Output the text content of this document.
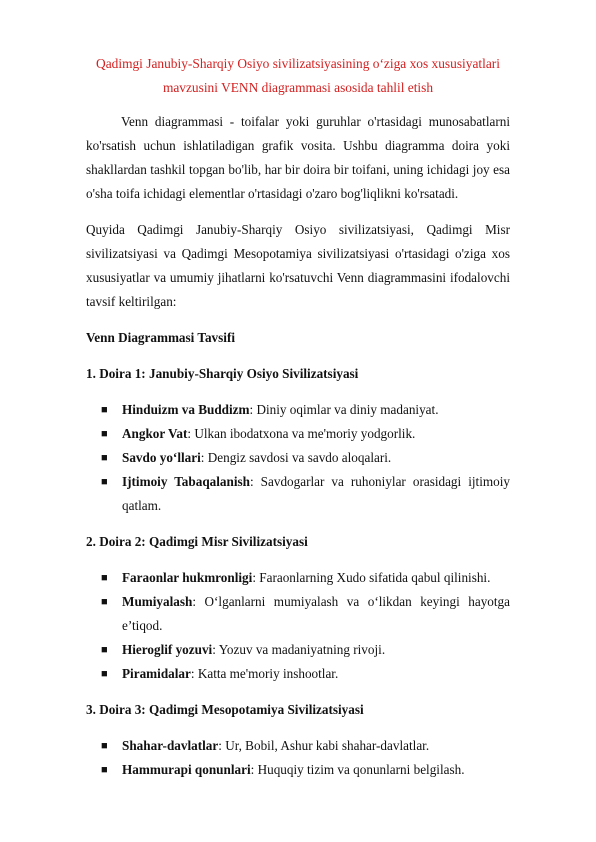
Qadimgi Janubiy-Sharqiy Osiyo sivilizatsiyasining o‘ziga xos xususiyatlari
mavzusini VENN diagrammasi asosida tahlil etish

Venn diagrammasi - toifalar yoki guruhlar o'rtasidagi munosabatlarni ko'rsatish uchun ishlatiladigan grafik vosita. Ushbu diagramma doira yoki shakllardan tashkil topgan bo'lib, har bir doira bir toifani, uning ichidagi joy esa o'sha toifa ichidagi elementlar o'rtasidagi o'zaro bog'liqlikni ko'rsatadi.

Quyida Qadimgi Janubiy-Sharqiy Osiyo sivilizatsiyasi, Qadimgi Misr sivilizatsiyasi va Qadimgi Mesopotamiya sivilizatsiyasi o'rtasidagi o'ziga xos xususiyatlar va umumiy jihatlarni ko'rsatuvchi Venn diagrammasini ifodalovchi tavsif keltirilgan:

Venn Diagrammasi Tavsifi
1. Doira 1: Janubiy-Sharqiy Osiyo Sivilizatsiyasi
■ Hinduizm va Buddizm: Diniy oqimlar va diniy madaniyat.
■ Angkor Vat: Ulkan ibodatxona va me'moriy yodgorlik.
■ Savdo yo‘llari: Dengiz savdosi va savdo aloqalari.
■ Ijtimoiy Tabaqalanish: Savdogarlar va ruhoniylar orasidagi ijtimoiy qatlam.
2. Doira 2: Qadimgi Misr Sivilizatsiyasi
■ Faraonlar hukmronligi: Faraonlarning Xudo sifatida qabul qilinishi.
■ Mumiyalash: O‘lganlarni mumiyalash va o‘likdan keyingi hayotga e’tiqod.
■ Hieroglif yozuvi: Yozuv va madaniyatning rivoji.
■ Piramidalar: Katta me'moriy inshootlar.
3. Doira 3: Qadimgi Mesopotamiya Sivilizatsiyasi
■ Shahar-davlatlar: Ur, Bobil, Ashur kabi shahar-davlatlar.
■ Hammurapi qonunlari: Huquqiy tizim va qonunlarni belgilash.
